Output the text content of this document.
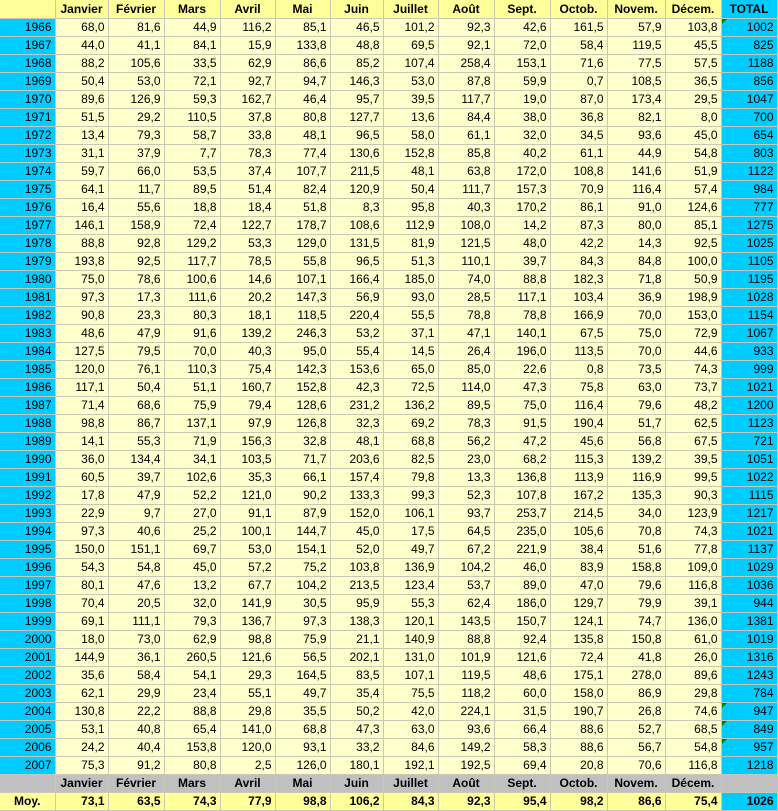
	Janvier	Février	Mars	Avril	Mai	Juin	Juillet	Août	Sept.	Octob.	Novem.	Décem.	TOTAL
1966	68,0	81,6	44,9	116,2	85,1	46,5	101,2	92,3	42,6	161,5	57,9	103,8	1002
1967	44,0	41,1	84,1	15,9	133,8	48,8	69,5	92,1	72,0	58,4	119,5	45,5	825
1968	88,2	105,6	33,5	62,9	86,6	85,2	107,4	258,4	153,1	71,6	77,5	57,5	1188
1969	50,4	53,0	72,1	92,7	94,7	146,3	53,0	87,8	59,9	0,7	108,5	36,5	856
1970	89,6	126,9	59,3	162,7	46,4	95,7	39,5	117,7	19,0	87,0	173,4	29,5	1047
1971	51,5	29,2	110,5	37,8	80,8	127,7	13,6	84,4	38,0	36,8	82,1	8,0	700
1972	13,4	79,3	58,7	33,8	48,1	96,5	58,0	61,1	32,0	34,5	93,6	45,0	654
1973	31,1	37,9	7,7	78,3	77,4	130,6	152,8	85,8	40,2	61,1	44,9	54,8	803
1974	59,7	66,0	53,5	37,4	107,7	211,5	48,1	63,8	172,0	108,8	141,6	51,9	1122
1975	64,1	11,7	89,5	51,4	82,4	120,9	50,4	111,7	157,3	70,9	116,4	57,4	984
1976	16,4	55,6	18,8	18,4	51,8	8,3	95,8	40,3	170,2	86,1	91,0	124,6	777
1977	146,1	158,9	72,4	122,7	178,7	108,6	112,9	108,0	14,2	87,3	80,0	85,1	1275
1978	88,8	92,8	129,2	53,3	129,0	131,5	81,9	121,5	48,0	42,2	14,3	92,5	1025
1979	193,8	92,5	117,7	78,5	55,8	96,5	51,3	110,1	39,7	84,3	84,8	100,0	1105
1980	75,0	78,6	100,6	14,6	107,1	166,4	185,0	74,0	88,8	182,3	71,8	50,9	1195
1981	97,3	17,3	111,6	20,2	147,3	56,9	93,0	28,5	117,1	103,4	36,9	198,9	1028
1982	90,8	23,3	80,3	18,1	118,5	220,4	55,5	78,8	78,8	166,9	70,0	153,0	1154
1983	48,6	47,9	91,6	139,2	246,3	53,2	37,1	47,1	140,1	67,5	75,0	72,9	1067
1984	127,5	79,5	70,0	40,3	95,0	55,4	14,5	26,4	196,0	113,5	70,0	44,6	933
1985	120,0	76,1	110,3	75,4	142,3	153,6	65,0	85,0	22,6	0,8	73,5	74,3	999
1986	117,1	50,4	51,1	160,7	152,8	42,3	72,5	114,0	47,3	75,8	63,0	73,7	1021
1987	71,4	68,6	75,9	79,4	128,6	231,2	136,2	89,5	75,0	116,4	79,6	48,2	1200
1988	98,8	86,7	137,1	97,9	126,8	32,3	69,2	78,3	91,5	190,4	51,7	62,5	1123
1989	14,1	55,3	71,9	156,3	32,8	48,1	68,8	56,2	47,2	45,6	56,8	67,5	721
1990	36,0	134,4	34,1	103,5	71,7	203,6	82,5	23,0	68,2	115,3	139,2	39,5	1051
1991	60,5	39,7	102,6	35,3	66,1	157,4	79,8	13,3	136,8	113,9	116,9	99,5	1022
1992	17,8	47,9	52,2	121,0	90,2	133,3	99,3	52,3	107,8	167,2	135,3	90,3	1115
1993	22,9	9,7	27,0	91,1	87,9	152,0	106,1	93,7	253,7	214,5	34,0	123,9	1217
1994	97,3	40,6	25,2	100,1	144,7	45,0	17,5	64,5	235,0	105,6	70,8	74,3	1021
1995	150,0	151,1	69,7	53,0	154,1	52,0	49,7	67,2	221,9	38,4	51,6	77,8	1137
1996	54,3	54,8	45,0	57,2	75,2	103,8	136,9	104,2	46,0	83,9	158,8	109,0	1029
1997	80,1	47,6	13,2	67,7	104,2	213,5	123,4	53,7	89,0	47,0	79,6	116,8	1036
1998	70,4	20,5	32,0	141,9	30,5	95,9	55,3	62,4	186,0	129,7	79,9	39,1	944
1999	69,1	111,1	79,3	136,7	97,3	138,3	120,1	143,5	150,7	124,1	74,7	136,0	1381
2000	18,0	73,0	62,9	98,8	75,9	21,1	140,9	88,8	92,4	135,8	150,8	61,0	1019
2001	144,9	36,1	260,5	121,6	56,5	202,1	131,0	101,9	121,6	72,4	41,8	26,0	1316
2002	35,6	58,4	54,1	29,3	164,5	83,5	107,1	119,5	48,6	175,1	278,0	89,6	1243
2003	62,1	29,9	23,4	55,1	49,7	35,4	75,5	118,2	60,0	158,0	86,9	29,8	784
2004	130,8	22,2	88,8	29,8	35,5	50,2	42,0	224,1	31,5	190,7	26,8	74,6	947
2005	53,1	40,8	65,4	141,0	68,8	47,3	63,0	93,6	66,4	88,6	52,7	68,5	849
2006	24,2	40,4	153,8	120,0	93,1	33,2	84,6	149,2	58,3	88,6	56,7	54,8	957
2007	75,3	91,2	80,8	2,5	126,0	180,1	192,1	192,5	69,4	20,8	70,6	116,8	1218
	Janvier	Février	Mars	Avril	Mai	Juin	Juillet	Août	Sept.	Octob.	Novem.	Décem.	
Moy.	73,1	63,5	74,3	77,9	98,8	106,2	84,3	92,3	95,4	98,2	86,6	75,4	1026
